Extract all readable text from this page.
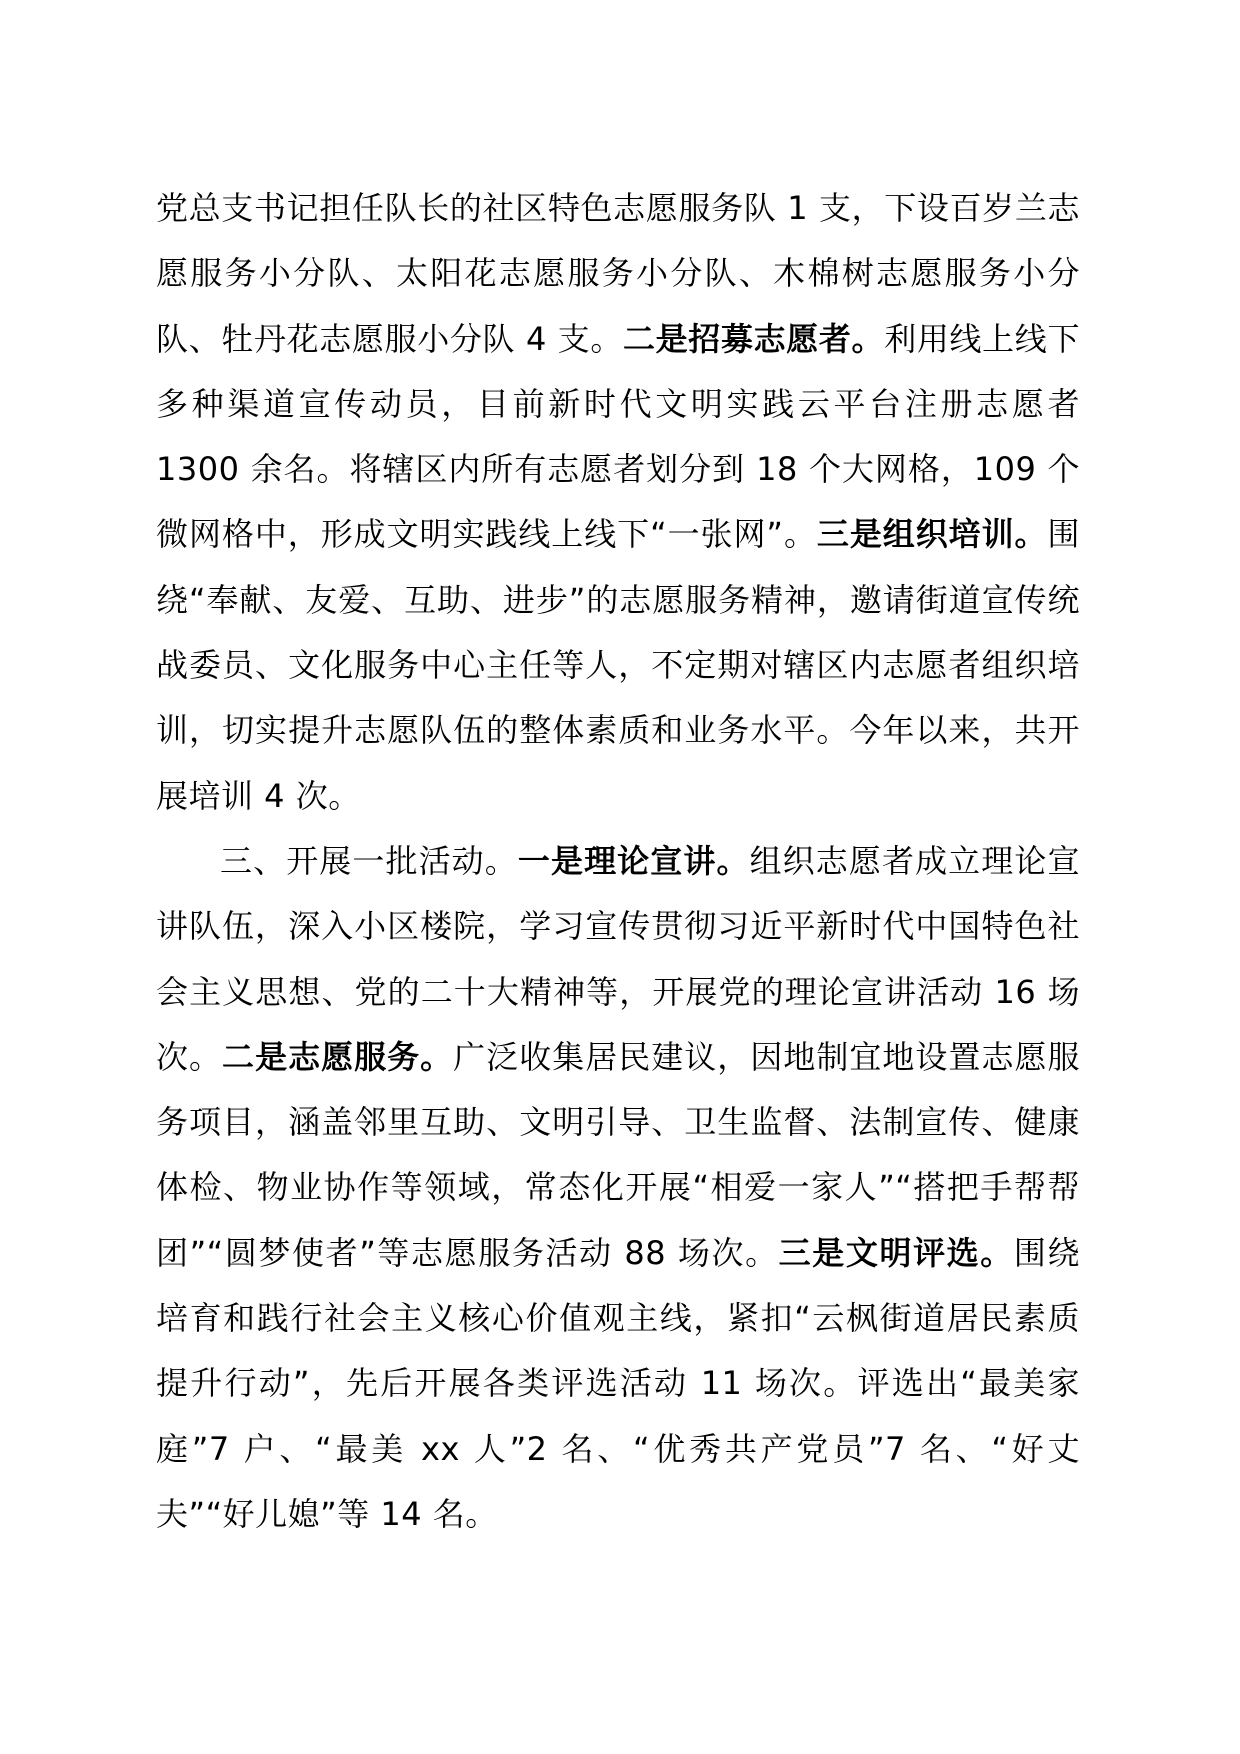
党总支书记担任队长的社区特色志愿服务队 1 支，下设百岁兰志愿服务小分队、太阳花志愿服务小分队、木棉树志愿服务小分队、牡丹花志愿服小分队 4 支。二是招募志愿者。利用线上线下多种渠道宣传动员，目前新时代文明实践云平台注册志愿者 1300 余名。将辖区内所有志愿者划分到 18 个大网格，109 个微网格中，形成文明实践线上线下“一张网”。三是组织培训。围绕“奉献、友爱、互助、进步”的志愿服务精神，邀请街道宣传统战委员、文化服务中心主任等人，不定期对辖区内志愿者组织培训，切实提升志愿队伍的整体素质和业务水平。今年以来，共开展培训 4 次。

三、开展一批活动。一是理论宣讲。组织志愿者成立理论宣讲队伍，深入小区楼院，学习宣传贯彻习近平新时代中国特色社会主义思想、党的二十大精神等，开展党的理论宣讲活动 16 场次。二是志愿服务。广泛收集居民建议，因地制宜地设置志愿服务项目，涵盖邻里互助、文明引导、卫生监督、法制宣传、健康体检、物业协作等领域，常态化开展“相爱一家人”“搭把手帮帮团”“圆梦使者”等志愿服务活动 88 场次。三是文明评选。围绕培育和践行社会主义核心价值观主线，紧扣“云枫街道居民素质提升行动”，先后开展各类评选活动 11 场次。评选出“最美家庭”7 户、“最美 xx 人”2 名、“优秀共产党员”7 名、“好丈夫”“好儿媳”等 14 名。
